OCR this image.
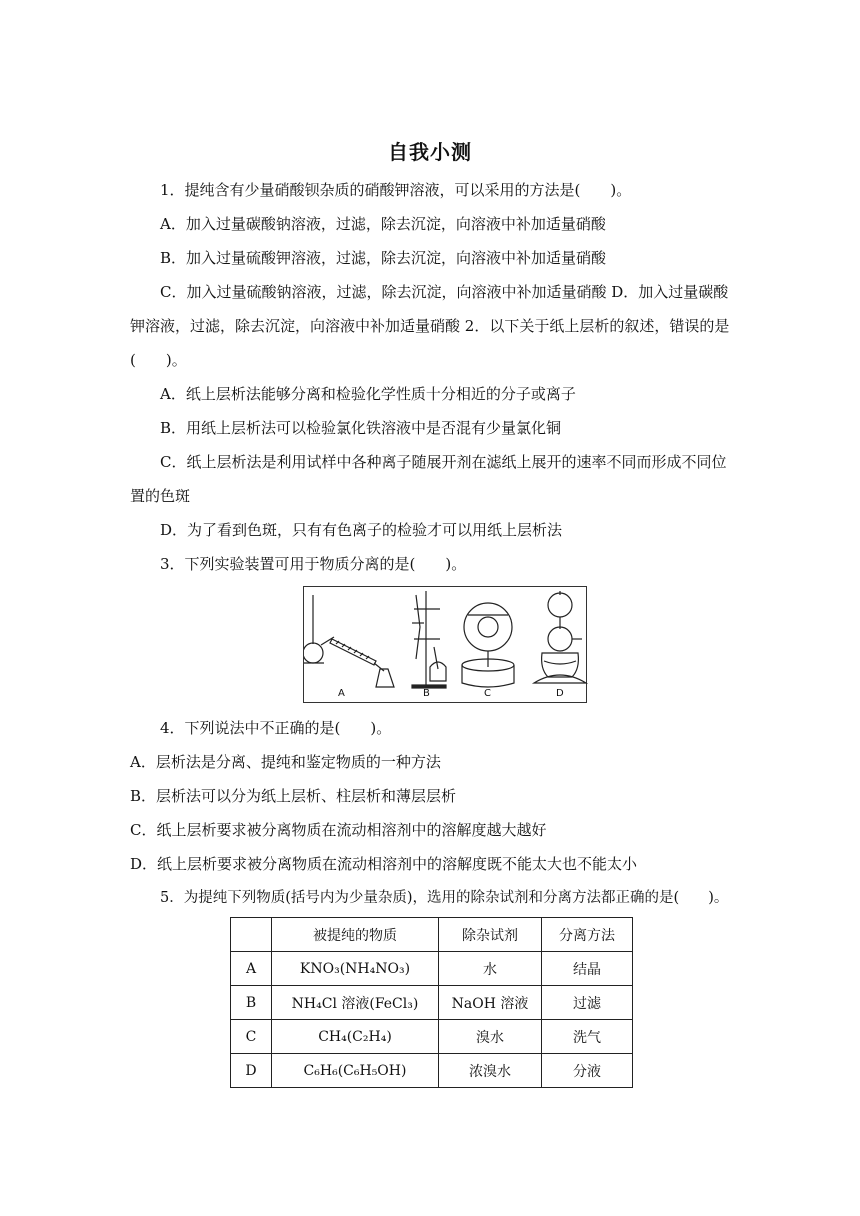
自我小测
1．提纯含有少量硝酸钡杂质的硝酸钾溶液，可以采用的方法是(　　)。
A．加入过量碳酸钠溶液，过滤，除去沉淀，向溶液中补加适量硝酸
B．加入过量硫酸钾溶液，过滤，除去沉淀，向溶液中补加适量硝酸
C．加入过量硫酸钠溶液，过滤，除去沉淀，向溶液中补加适量硝酸 D．加入过量碳酸
钾溶液，过滤，除去沉淀，向溶液中补加适量硝酸 2．以下关于纸上层析的叙述，错误的是
(　　)。
A．纸上层析法能够分离和检验化学性质十分相近的分子或离子
B．用纸上层析法可以检验氯化铁溶液中是否混有少量氯化铜
C．纸上层析法是利用试样中各种离子随展开剂在滤纸上展开的速率不同而形成不同位
置的色斑
D．为了看到色斑，只有有色离子的检验才可以用纸上层析法
3．下列实验装置可用于物质分离的是(　　)。
A	B	C	D
4．下列说法中不正确的是(　　)。
A．层析法是分离、提纯和鉴定物质的一种方法
B．层析法可以分为纸上层析、柱层析和薄层层析
C．纸上层析要求被分离物质在流动相溶剂中的溶解度越大越好
D．纸上层析要求被分离物质在流动相溶剂中的溶解度既不能太大也不能太小
5．为提纯下列物质(括号内为少量杂质)，选用的除杂试剂和分离方法都正确的是(　　)。
	被提纯的物质	除杂试剂	分离方法
A	KNO₃(NH₄NO₃)	水	结晶
B	NH₄Cl 溶液(FeCl₃)	NaOH 溶液	过滤
C	CH₄(C₂H₄)	溴水	洗气
D	C₆H₆(C₆H₅OH)	浓溴水	分液
